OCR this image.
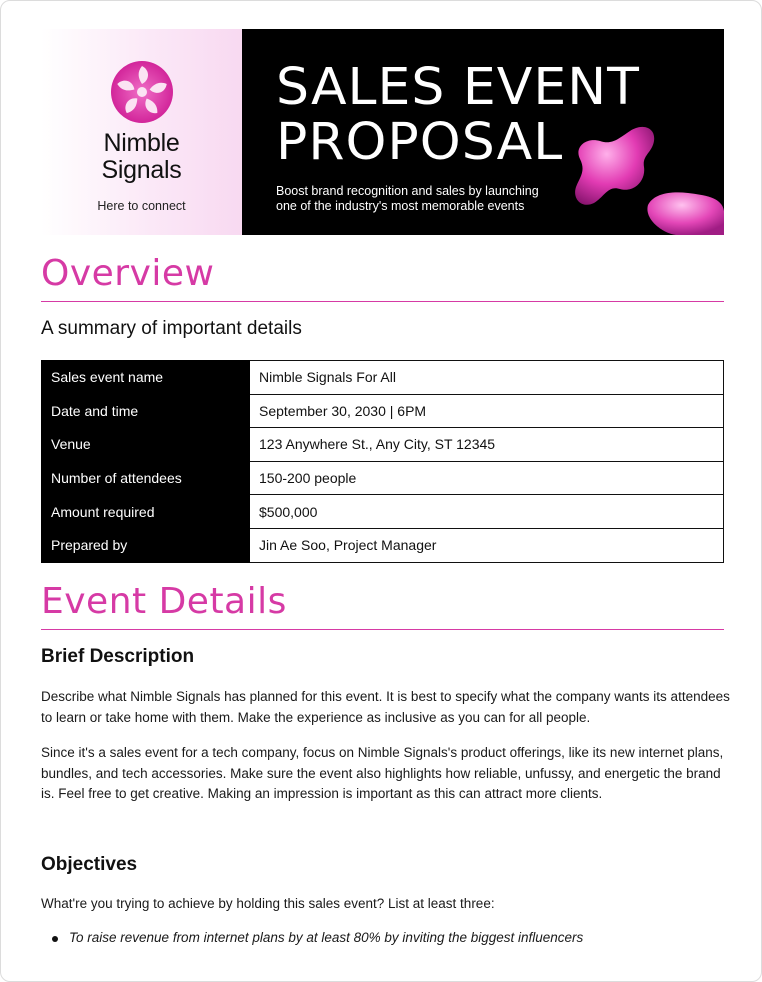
Nimble
Signals
Here to connect
SALES EVENT
PROPOSAL
Boost brand recognition and sales by launching
one of the industry's most memorable events
Overview
A summary of important details
Sales event name	Nimble Signals For All
Date and time	September 30, 2030 | 6PM
Venue	123 Anywhere St., Any City, ST 12345
Number of attendees	150-200 people
Amount required	$500,000
Prepared by	Jin Ae Soo, Project Manager
Event Details
Brief Description

Describe what Nimble Signals has planned for this event. It is best to specify what the company wants its attendees to learn or take home with them. Make the experience as inclusive as you can for all people.

Since it's a sales event for a tech company, focus on Nimble Signals's product offerings, like its new internet plans, bundles, and tech accessories. Make sure the event also highlights how reliable, unfussy, and energetic the brand is. Feel free to get creative. Making an impression is important as this can attract more clients.

Objectives

What're you trying to achieve by holding this sales event? List at least three:

To raise revenue from internet plans by at least 80% by inviting the biggest influencers
